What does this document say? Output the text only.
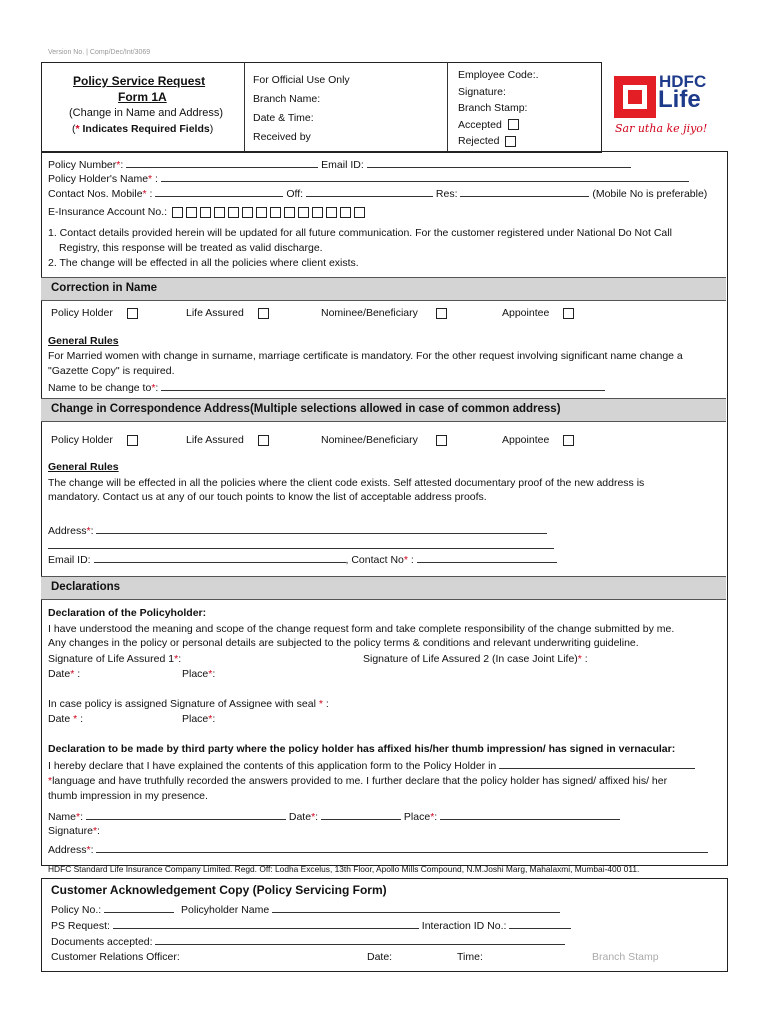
Version No. | Comp/Dec/Int/3069
Policy Service Request
Form 1A
(Change in Name and Address)
(* Indicates Required Fields)
For Official Use Only
Branch Name:
Date & Time:
Received by
Employee Code:.
Signature:
Branch Stamp:
Accepted
Rejected
HDFC
Life
Sar utha ke jiyo!
Policy Number*:	Email ID:
Policy Holder's Name* :
Contact Nos. Mobile* :	Off:	Res:	(Mobile No is preferable)
E-Insurance Account No.:
1. Contact details provided herein will be updated for all future communication. For the customer registered under National Do Not Call
Registry, this response will be treated as valid discharge.
2. The change will be effected in all the policies where client exists.
Correction in Name
Policy Holder	Life Assured	Nominee/Beneficiary	Appointee
General Rules
For Married women with change in surname, marriage certificate is mandatory. For the other request involving significant name change a
"Gazette Copy" is required.
Name to be change to*:
Change in Correspondence Address(Multiple selections allowed in case of common address)
Policy Holder	Life Assured	Nominee/Beneficiary	Appointee
General Rules
The change will be effected in all the policies where the client code exists. Self attested documentary proof of the new address is
mandatory. Contact us at any of our touch points to know the list of acceptable address proofs.
Address*:
Email ID:	, Contact No* :
Declarations
Declaration of the Policyholder:
I have understood the meaning and scope of the change request form and take complete responsibility of the change submitted by me.
Any changes in the policy or personal details are subjected to the policy terms & conditions and relevant underwriting guideline.
Signature of Life Assured 1*:	Signature of Life Assured 2 (In case Joint Life)* :
Date* :	Place*:
In case policy is assigned Signature of Assignee with seal * :
Date * :	Place*:
Declaration to be made by third party where the policy holder has affixed his/her thumb impression/ has signed in vernacular:
I hereby declare that I have explained the contents of this application form to the Policy Holder in
*language and have truthfully recorded the answers provided to me. I further declare that the policy holder has signed/ affixed his/ her
thumb impression in my presence.
Name*:	Date*:	Place*:
Signature*:
Address*:
HDFC Standard Life Insurance Company Limited. Regd. Off: Lodha Excelus, 13th Floor, Apollo Mills Compound, N.M.Joshi Marg, Mahalaxmi, Mumbai-400 011.
Customer Acknowledgement Copy (Policy Servicing Form)
Policy No.:	Policyholder Name
PS Request:	Interaction ID No.:
Documents accepted:
Customer Relations Officer:	Date:	Time:	Branch Stamp
